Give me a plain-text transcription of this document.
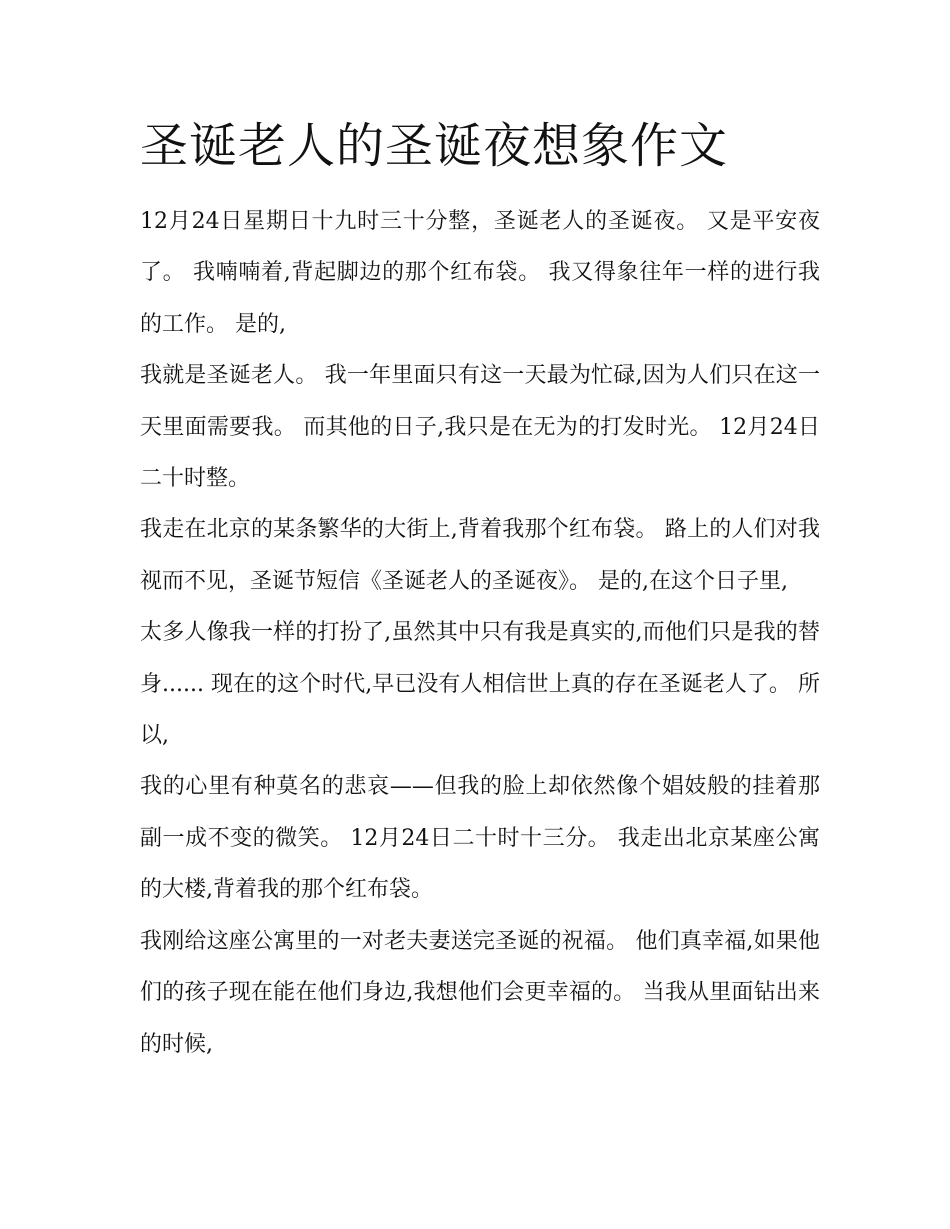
圣诞老人的圣诞夜想象作文

12月24日星期日十九时三十分整，圣诞老人的圣诞夜。 又是平安夜了。 我喃喃着,背起脚边的那个红布袋。 我又得象往年一样的进行我的工作。 是的,

我就是圣诞老人。 我一年里面只有这一天最为忙碌,因为人们只在这一天里面需要我。 而其他的日子,我只是在无为的打发时光。 12月24日二十时整。

我走在北京的某条繁华的大街上,背着我那个红布袋。 路上的人们对我视而不见，圣诞节短信《圣诞老人的圣诞夜》。 是的,在这个日子里,

太多人像我一样的打扮了,虽然其中只有我是真实的,而他们只是我的替身...... 现在的这个时代,早已没有人相信世上真的存在圣诞老人了。 所以,

我的心里有种莫名的悲哀——但我的脸上却依然像个娼妓般的挂着那副一成不变的微笑。 12月24日二十时十三分。 我走出北京某座公寓的大楼,背着我的那个红布袋。

我刚给这座公寓里的一对老夫妻送完圣诞的祝福。 他们真幸福,如果他们的孩子现在能在他们身边,我想他们会更幸福的。 当我从里面钻出来的时候,
